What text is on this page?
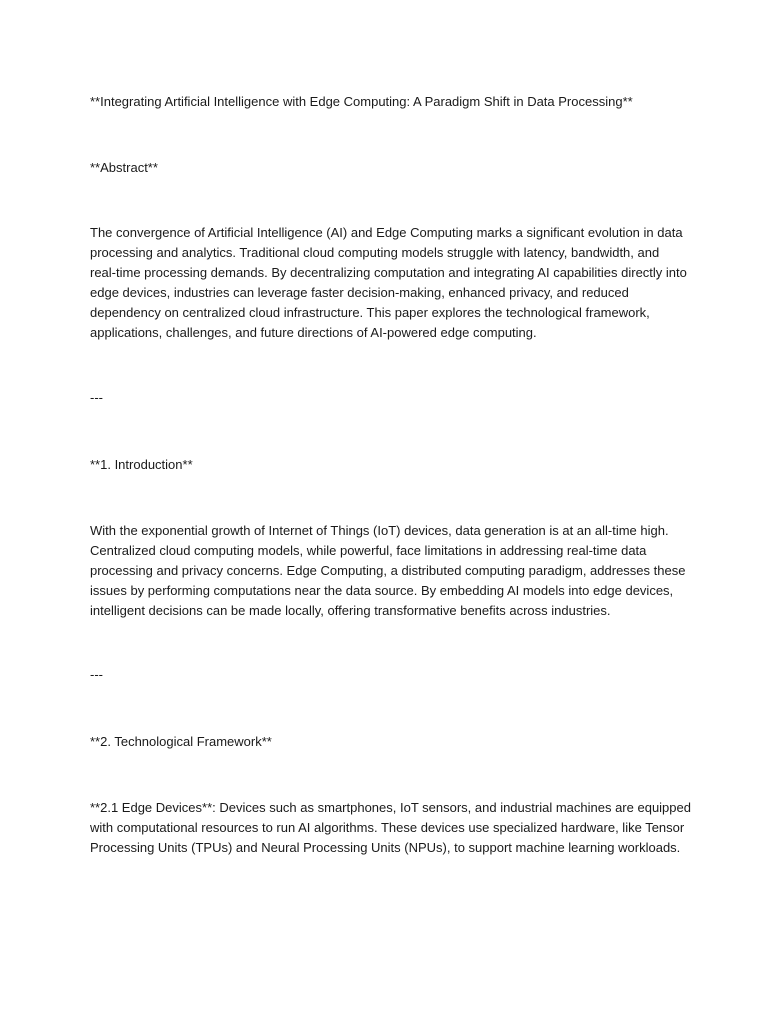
**Integrating Artificial Intelligence with Edge Computing: A Paradigm Shift in Data Processing**
**Abstract**
The convergence of Artificial Intelligence (AI) and Edge Computing marks a significant evolution in data
processing and analytics. Traditional cloud computing models struggle with latency, bandwidth, and
real-time processing demands. By decentralizing computation and integrating AI capabilities directly into
edge devices, industries can leverage faster decision-making, enhanced privacy, and reduced
dependency on centralized cloud infrastructure. This paper explores the technological framework,
applications, challenges, and future directions of AI-powered edge computing.
---
**1. Introduction**
With the exponential growth of Internet of Things (IoT) devices, data generation is at an all-time high.
Centralized cloud computing models, while powerful, face limitations in addressing real-time data
processing and privacy concerns. Edge Computing, a distributed computing paradigm, addresses these
issues by performing computations near the data source. By embedding AI models into edge devices,
intelligent decisions can be made locally, offering transformative benefits across industries.
---
**2. Technological Framework**
**2.1 Edge Devices**: Devices such as smartphones, IoT sensors, and industrial machines are equipped
with computational resources to run AI algorithms. These devices use specialized hardware, like Tensor
Processing Units (TPUs) and Neural Processing Units (NPUs), to support machine learning workloads.
